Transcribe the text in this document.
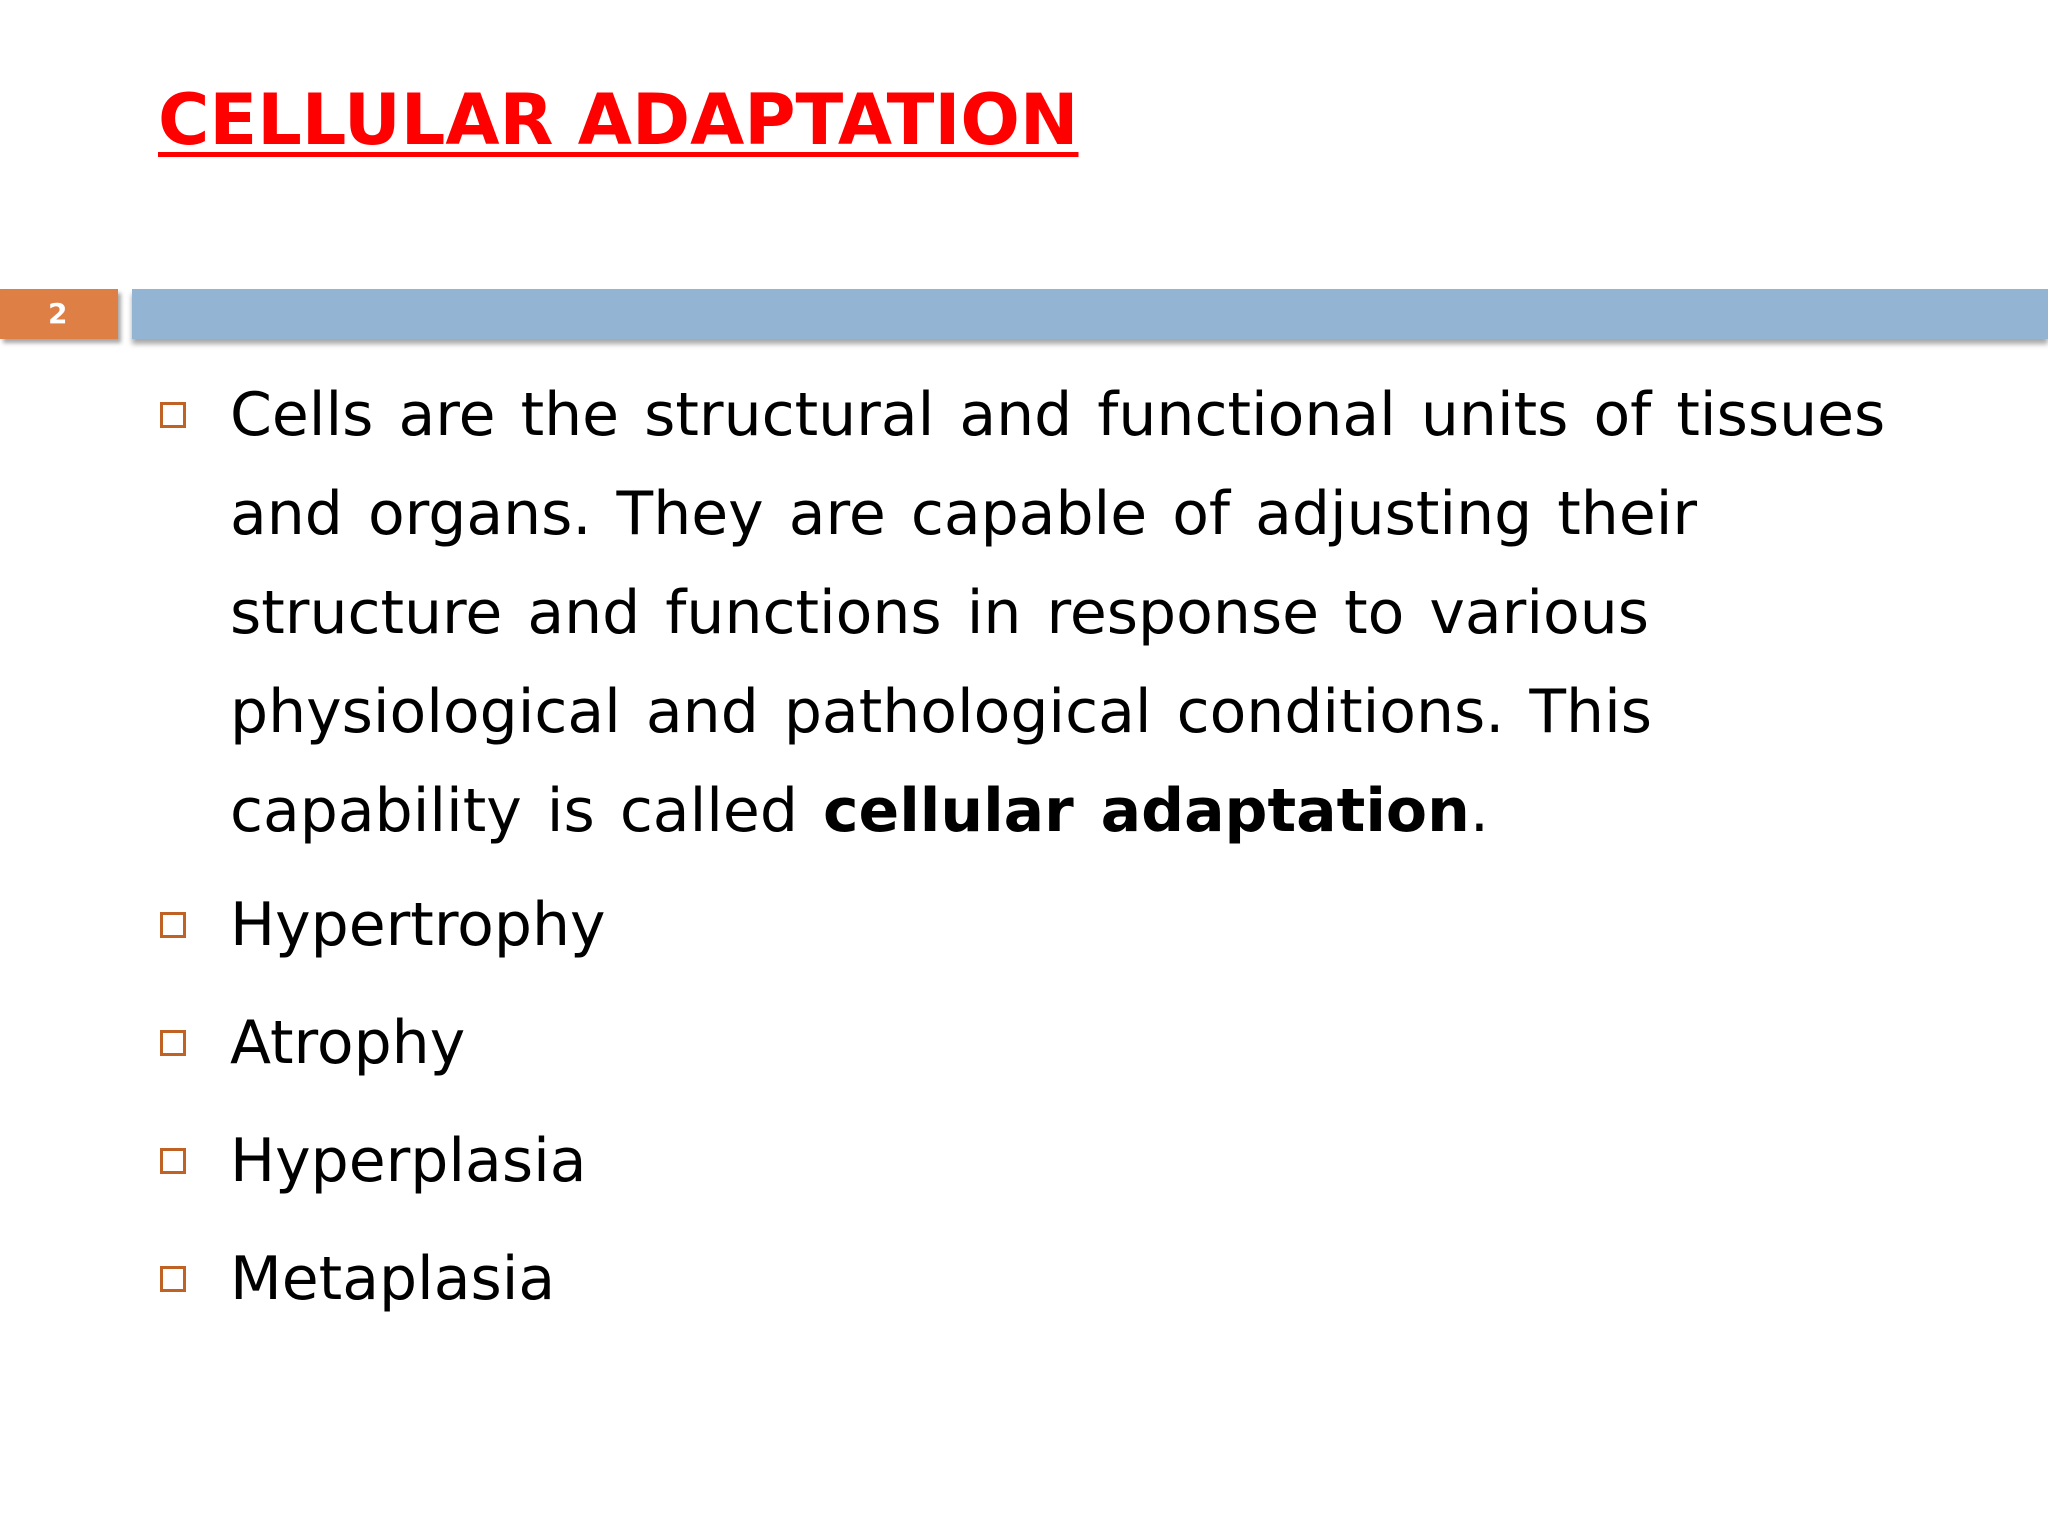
CELLULAR ADAPTATION
2
Cells are the structural and functional units of tissues
and organs. They are capable of adjusting their
structure and functions in response to various
physiological and pathological conditions. This
capability is called cellular adaptation.
Hypertrophy
Atrophy
Hyperplasia
Metaplasia
